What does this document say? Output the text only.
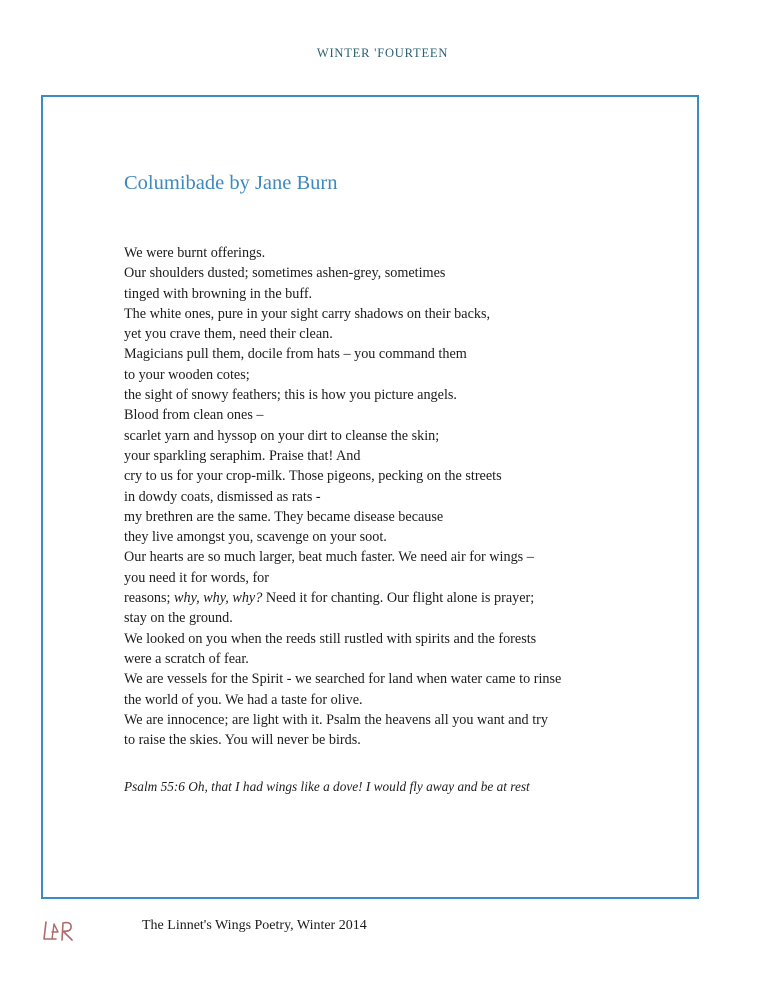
WINTER 'FOURTEEN
Columibade by Jane Burn
We were burnt offerings.
Our shoulders dusted; sometimes ashen-grey, sometimes
tinged with browning in the buff.
The white ones, pure in your sight carry shadows on their backs,
yet you crave them, need their clean.
Magicians pull them, docile from hats – you command them
to your wooden cotes;
the sight of snowy feathers; this is how you picture angels.
Blood from clean ones –
scarlet yarn and hyssop on your dirt to cleanse the skin;
your sparkling seraphim. Praise that! And
cry to us for your crop-milk. Those pigeons, pecking on the streets
in dowdy coats, dismissed as rats -
my brethren are the same. They became disease because
they live amongst you, scavenge on your soot.
Our hearts are so much larger, beat much faster. We need air for wings –
you need it for words, for
reasons; why, why, why? Need it for chanting. Our flight alone is prayer;
stay on the ground.
We looked on you when the reeds still rustled with spirits and the forests
were a scratch of fear.
We are vessels for the Spirit - we searched for land when water came to rinse
the world of you. We had a taste for olive.
We are innocence; are light with it. Psalm the heavens all you want and try
to raise the skies. You will never be birds.
Psalm 55:6 Oh, that I had wings like a dove! I would fly away and be at rest
The Linnet's Wings Poetry, Winter 2014
